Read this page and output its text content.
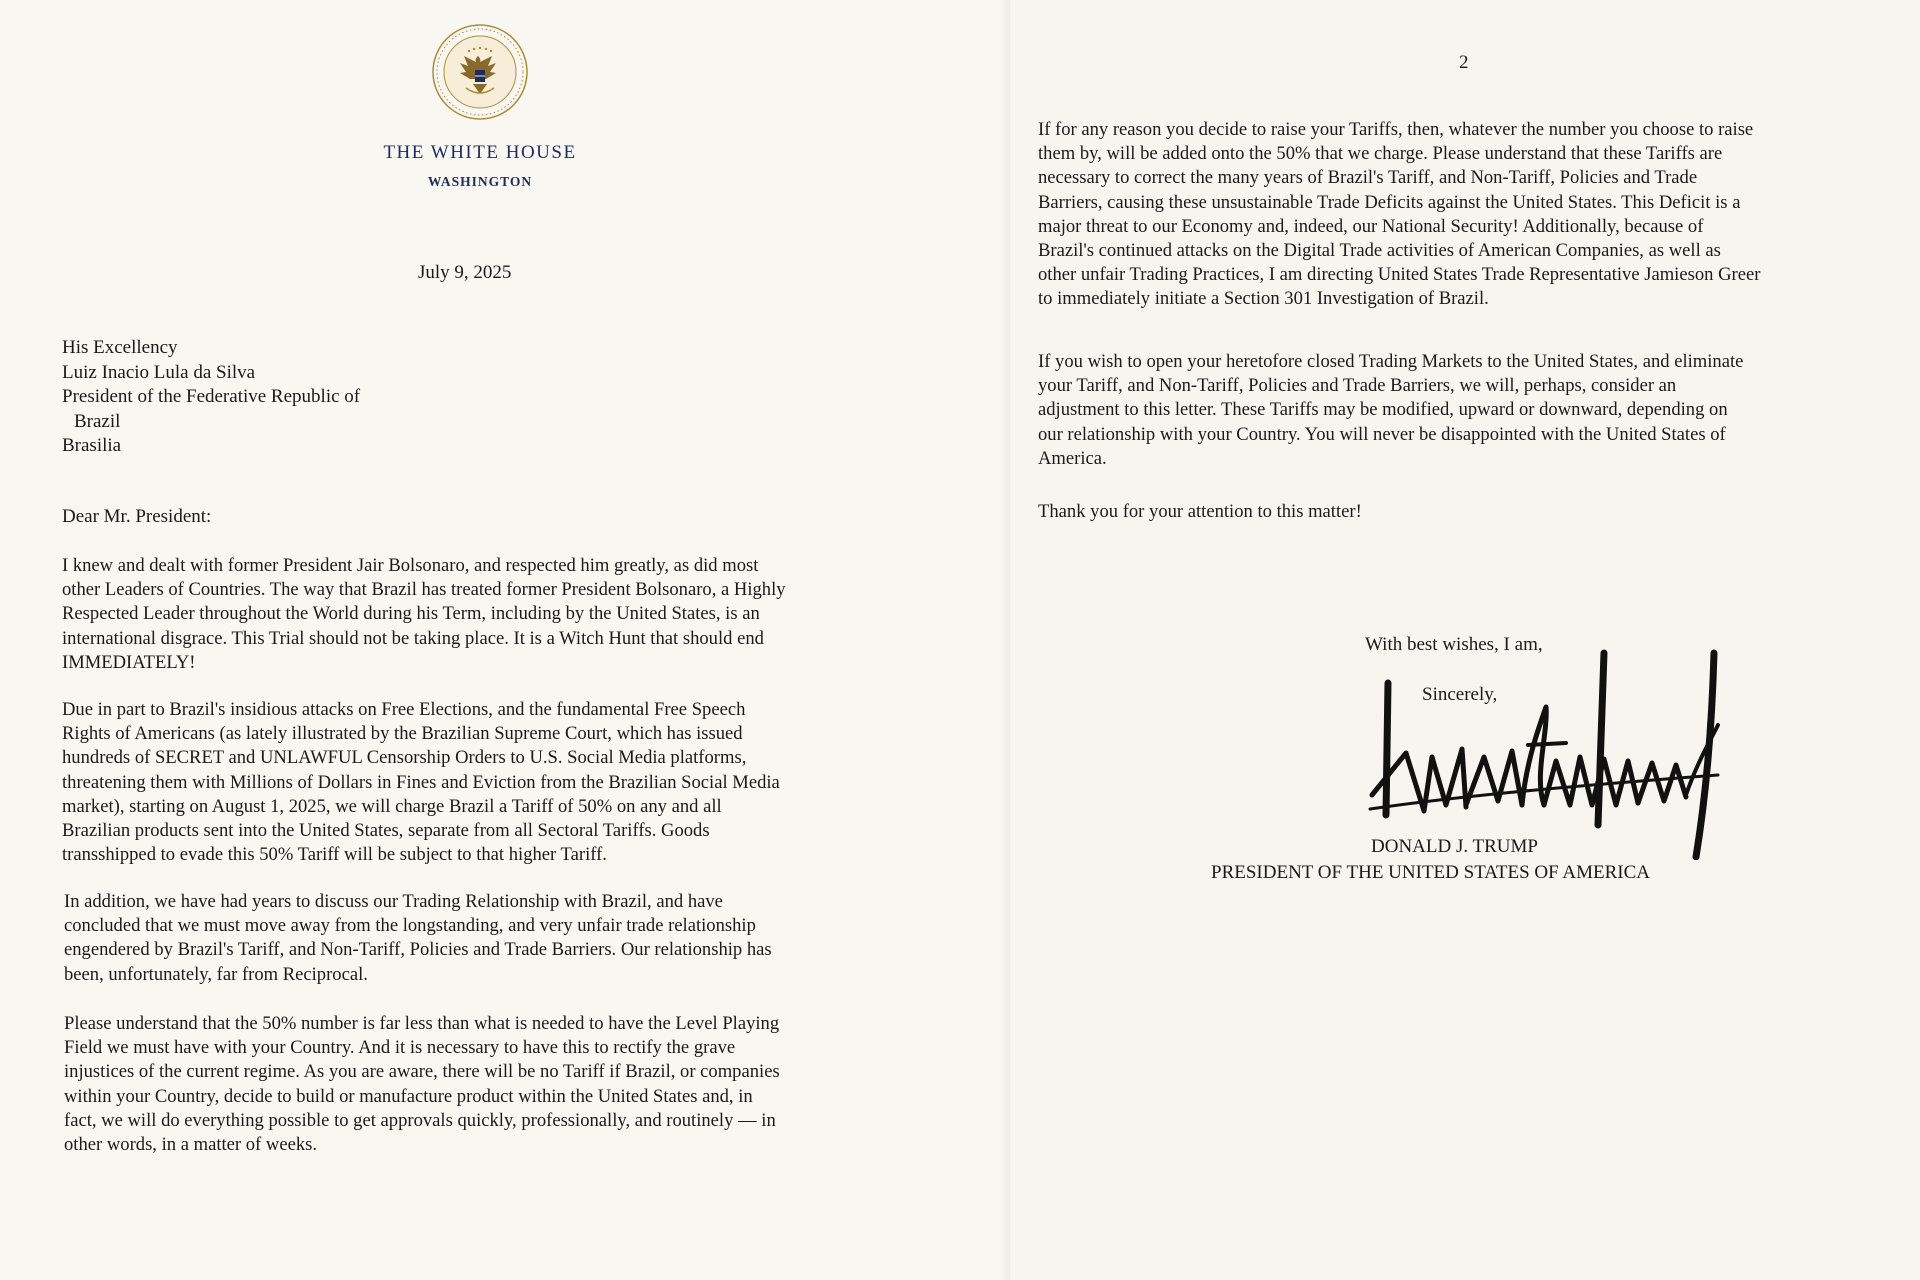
THE WHITE HOUSE
WASHINGTON
July 9, 2025
His Excellency
Luiz Inacio Lula da Silva
President of the Federative Republic of
Brazil
Brasilia
Dear Mr. President:

I knew and dealt with former President Jair Bolsonaro, and respected him greatly, as did most
other Leaders of Countries. The way that Brazil has treated former President Bolsonaro, a Highly
Respected Leader throughout the World during his Term, including by the United States, is an
international disgrace. This Trial should not be taking place. It is a Witch Hunt that should end
IMMEDIATELY!

Due in part to Brazil's insidious attacks on Free Elections, and the fundamental Free Speech
Rights of Americans (as lately illustrated by the Brazilian Supreme Court, which has issued
hundreds of SECRET and UNLAWFUL Censorship Orders to U.S. Social Media platforms,
threatening them with Millions of Dollars in Fines and Eviction from the Brazilian Social Media
market), starting on August 1, 2025, we will charge Brazil a Tariff of 50% on any and all
Brazilian products sent into the United States, separate from all Sectoral Tariffs. Goods
transshipped to evade this 50% Tariff will be subject to that higher Tariff.

In addition, we have had years to discuss our Trading Relationship with Brazil, and have
concluded that we must move away from the longstanding, and very unfair trade relationship
engendered by Brazil's Tariff, and Non-Tariff, Policies and Trade Barriers. Our relationship has
been, unfortunately, far from Reciprocal.

Please understand that the 50% number is far less than what is needed to have the Level Playing
Field we must have with your Country. And it is necessary to have this to rectify the grave
injustices of the current regime. As you are aware, there will be no Tariff if Brazil, or companies
within your Country, decide to build or manufacture product within the United States and, in
fact, we will do everything possible to get approvals quickly, professionally, and routinely — in
other words, in a matter of weeks.

2

If for any reason you decide to raise your Tariffs, then, whatever the number you choose to raise
them by, will be added onto the 50% that we charge. Please understand that these Tariffs are
necessary to correct the many years of Brazil's Tariff, and Non-Tariff, Policies and Trade
Barriers, causing these unsustainable Trade Deficits against the United States. This Deficit is a
major threat to our Economy and, indeed, our National Security! Additionally, because of
Brazil's continued attacks on the Digital Trade activities of American Companies, as well as
other unfair Trading Practices, I am directing United States Trade Representative Jamieson Greer
to immediately initiate a Section 301 Investigation of Brazil.

If you wish to open your heretofore closed Trading Markets to the United States, and eliminate
your Tariff, and Non-Tariff, Policies and Trade Barriers, we will, perhaps, consider an
adjustment to this letter. These Tariffs may be modified, upward or downward, depending on
our relationship with your Country. You will never be disappointed with the United States of
America.

Thank you for your attention to this matter!

With best wishes, I am,
Sincerely,
DONALD J. TRUMP
PRESIDENT OF THE UNITED STATES OF AMERICA
